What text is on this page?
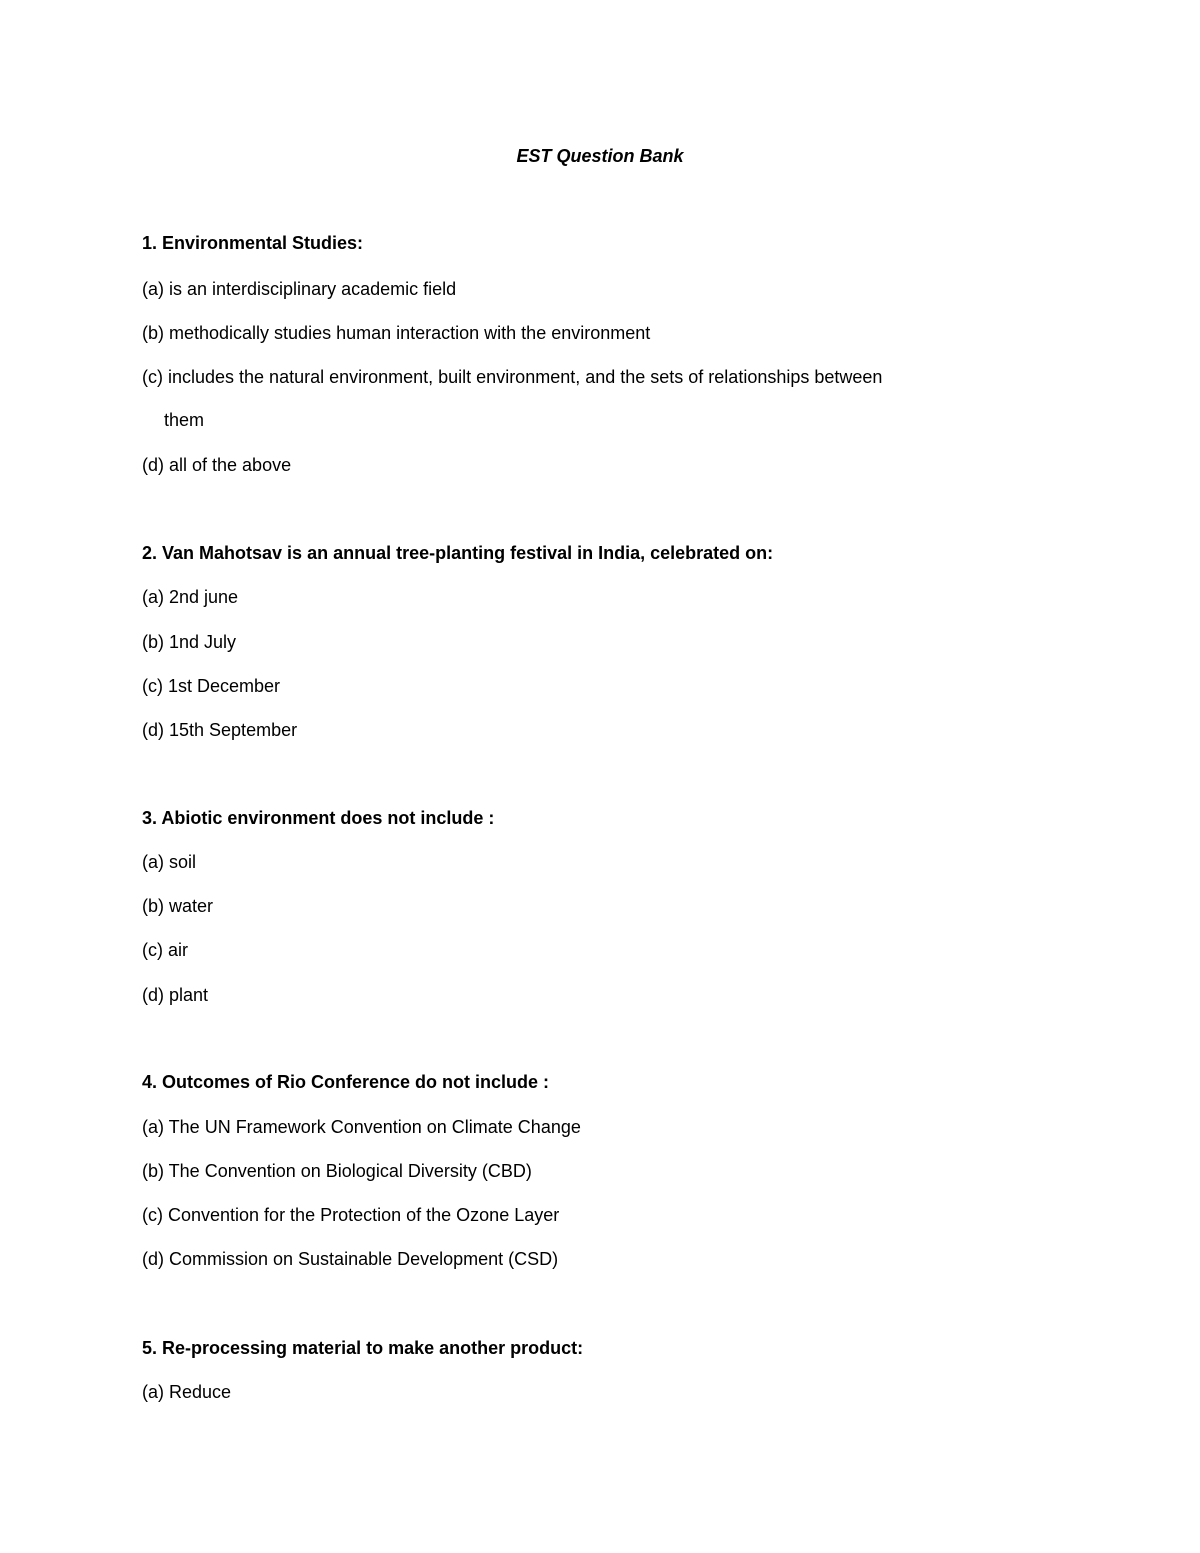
EST Question Bank
1. Environmental Studies:
(a) is an interdisciplinary academic field
(b) methodically studies human interaction with the environment
(c) includes the natural environment, built environment, and the sets of relationships between
them
(d) all of the above
2. Van Mahotsav is an annual tree-planting festival in India, celebrated on:
(a) 2nd june
(b) 1nd July
(c) 1st December
(d) 15th September
3. Abiotic environment does not include :
(a) soil
(b) water
(c) air
(d) plant
4. Outcomes of Rio Conference do not include :
(a) The UN Framework Convention on Climate Change
(b) The Convention on Biological Diversity (CBD)
(c) Convention for the Protection of the Ozone Layer
(d) Commission on Sustainable Development (CSD)
5. Re-processing material to make another product:
(a) Reduce
